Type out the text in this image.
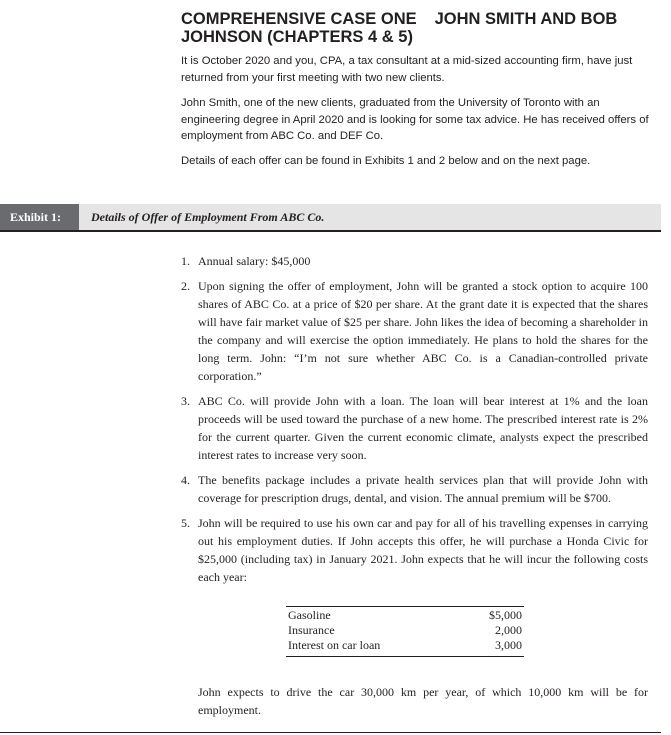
COMPREHENSIVE CASE ONE JOHN SMITH AND BOB
JOHNSON (CHAPTERS 4 & 5)

It is October 2020 and you, CPA, a tax consultant at a mid-sized accounting firm, have just returned from your first meeting with two new clients.

John Smith, one of the new clients, graduated from the University of Toronto with an engineering degree in April 2020 and is looking for some tax advice. He has received offers of employment from ABC Co. and DEF Co.

Details of each offer can be found in Exhibits 1 and 2 below and on the next page.

Exhibit 1:	Details of Offer of Employment From ABC Co.
1. Annual salary: $45,000
2. Upon signing the offer of employment, John will be granted a stock option to acquire 100 shares of ABC Co. at a price of $20 per share. At the grant date it is expected that the shares will have fair market value of $25 per share. John likes the idea of becoming a shareholder in the company and will exercise the option immediately. He plans to hold the shares for the long term. John: “I’m not sure whether ABC Co. is a Canadian-controlled private corporation.”
3. ABC Co. will provide John with a loan. The loan will bear interest at 1% and the loan proceeds will be used toward the purchase of a new home. The prescribed interest rate is 2% for the current quarter. Given the current economic climate, analysts expect the prescribed interest rates to increase very soon.
4. The benefits package includes a private health services plan that will provide John with coverage for prescription drugs, dental, and vision. The annual premium will be $700.
5. John will be required to use his own car and pay for all of his travelling expenses in carrying out his employment duties. If John accepts this offer, he will purchase a Honda Civic for $25,000 (including tax) in January 2021. John expects that he will incur the following costs each year:
Gasoline	$5,000
Insurance	2,000
Interest on car loan	3,000

John expects to drive the car 30,000 km per year, of which 10,000 km will be for employment.
